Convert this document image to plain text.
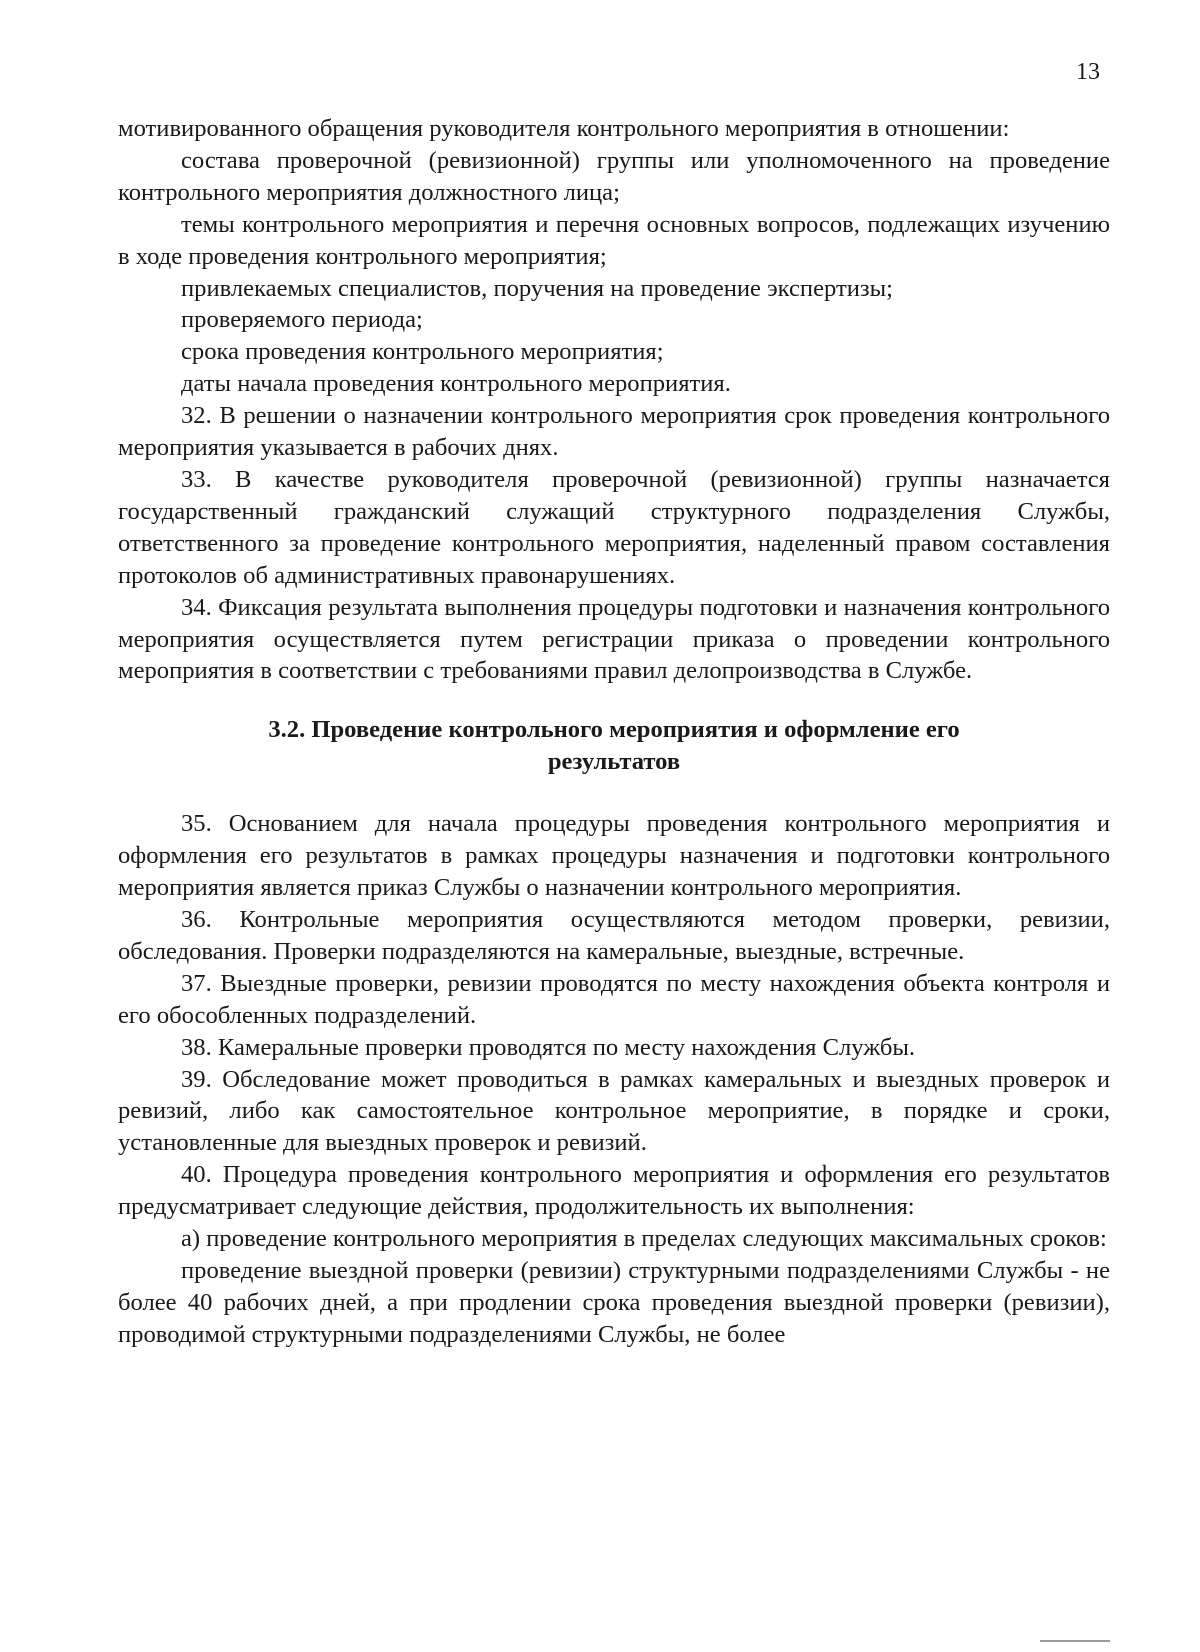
13

мотивированного обращения руководителя контрольного мероприятия в отношении:

состава проверочной (ревизионной) группы или уполномоченного на проведение контрольного мероприятия должностного лица;

темы контрольного мероприятия и перечня основных вопросов, подлежащих изучению в ходе проведения контрольного мероприятия;

привлекаемых специалистов, поручения на проведение экспертизы;

проверяемого периода;

срока проведения контрольного мероприятия;

даты начала проведения контрольного мероприятия.

32. В решении о назначении контрольного мероприятия срок проведения контрольного мероприятия указывается в рабочих днях.

33. В качестве руководителя проверочной (ревизионной) группы назначается государственный гражданский служащий структурного подразделения Службы, ответственного за проведение контрольного мероприятия, наделенный правом составления протоколов об административных правонарушениях.

34. Фиксация результата выполнения процедуры подготовки и назначения контрольного мероприятия осуществляется путем регистрации приказа о проведении контрольного мероприятия в соответствии с требованиями правил делопроизводства в Службе.

3.2. Проведение контрольного мероприятия и оформление его

результатов

35. Основанием для начала процедуры проведения контрольного мероприятия и оформления его результатов в рамках процедуры назначения и подготовки контрольного мероприятия является приказ Службы о назначении контрольного мероприятия.

36. Контрольные мероприятия осуществляются методом проверки, ревизии, обследования. Проверки подразделяются на камеральные, выездные, встречные.

37. Выездные проверки, ревизии проводятся по месту нахождения объекта контроля и его обособленных подразделений.

38. Камеральные проверки проводятся по месту нахождения Службы.

39. Обследование может проводиться в рамках камеральных и выездных проверок и ревизий, либо как самостоятельное контрольное мероприятие, в порядке и сроки, установленные для выездных проверок и ревизий.

40. Процедура проведения контрольного мероприятия и оформления его результатов предусматривает следующие действия, продолжительность их выполнения:

а) проведение контрольного мероприятия в пределах следующих максимальных сроков:

проведение выездной проверки (ревизии) структурными подразделениями Службы - не более 40 рабочих дней, а при продлении срока проведения выездной проверки (ревизии), проводимой структурными подразделениями Службы, не более
